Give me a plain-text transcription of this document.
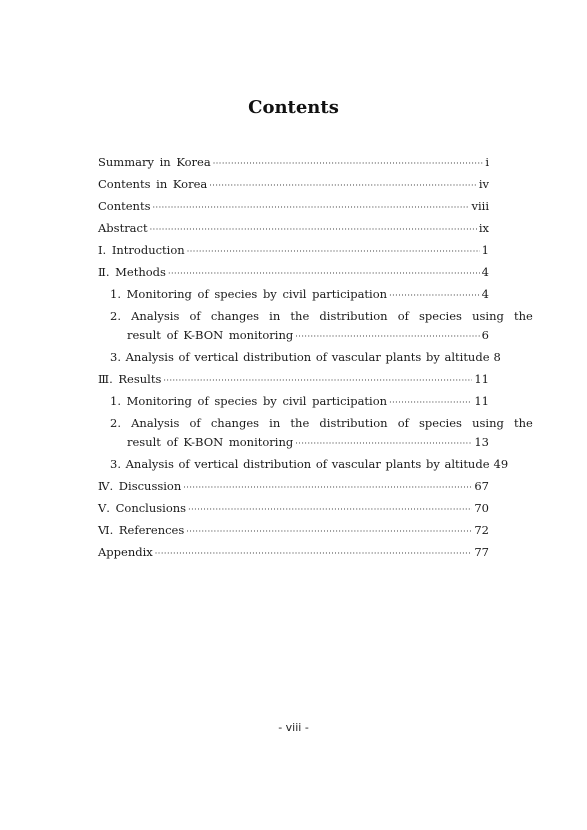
Contents
Summary in Korea ·····	i
Contents in Korea ·····	iv
Contents ·····	viii
Abstract ·····	ix
Ⅰ. Introduction ·····	1
Ⅱ. Methods ·····	4
1. Monitoring of species by civil participation ·····	4
2. Analysis of changes in the distribution of species using the
result of K-BON monitoring ·····	6
3. Analysis of vertical distribution of vascular plants by altitude 8
Ⅲ. Results ·····	11
1. Monitoring of species by civil participation ·····	11
2. Analysis of changes in the distribution of species using the
result of K-BON monitoring ·····	13
3. Analysis of vertical distribution of vascular plants by altitude 49
Ⅳ. Discussion ·····	67
Ⅴ. Conclusions ·····	70
Ⅵ. References ·····	72
Appendix ·····	77
- viii -
